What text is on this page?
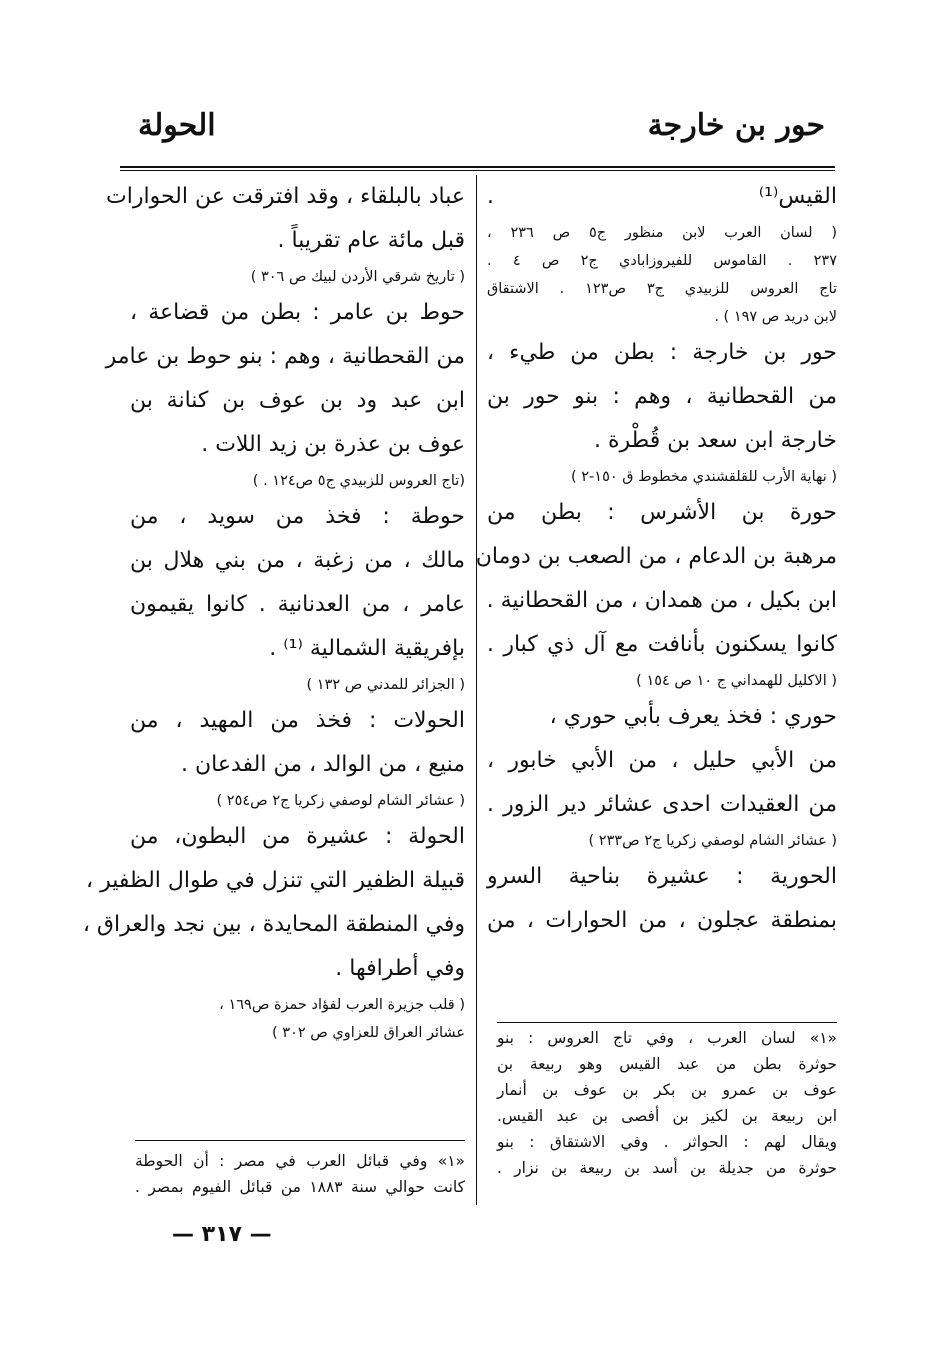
حور بن خارجة
الحولة

القيس⁽¹⁾ .

( لسان العرب لابن منظور ج٥ ص ٢٣٦ ،

٢٣٧ . القاموس للفيروزابادي ج٢ ص ٤ .

تاج العروس للزبيدي ج٣ ص١٢٣ . الاشتقاق

لابن دريد ص ١٩٧ ) .

حور بن خارجة : بطن من طيء ،

من القحطانية ، وهم : بنو حور بن

خارجة ابن سعد بن قُطْرة .

( نهاية الأرب للقلقشندي مخطوط ق ١٥٠-٢ )

حورة بن الأشرس : بطن من

مرهبة بن الدعام ، من الصعب بن دومان

ابن بكيل ، من همدان ، من القحطانية .

كانوا يسكنون بأنافت مع آل ذي كبار .

( الاكليل للهمداني ج ١٠ ص ١٥٤ )

حوري : فخذ يعرف بأبي حوري ،

من الأبي حليل ، من الأبي خابور ،

من العقيدات احدى عشائر دير الزور .

( عشائر الشام لوصفي زكريا ج٢ ص٢٣٣ )

الحورية : عشيرة بناحية السرو

بمنطقة عجلون ، من الحوارات ، من

عباد بالبلقاء ، وقد افترقت عن الحوارات

قبل مائة عام تقريباً .

( تاريخ شرقي الأردن لبيك ص ٣٠٦ )

حوط بن عامر : بطن من قضاعة ،

من القحطانية ، وهم : بنو حوط بن عامر

ابن عبد ود بن عوف بن كنانة بن

عوف بن عذرة بن زيد اللات .

(تاج العروس للزبيدي ج٥ ص١٢٤ . )

حوطة : فخذ من سويد ، من

مالك ، من زغبة ، من بني هلال بن

عامر ، من العدنانية . كانوا يقيمون

بإفريقية الشمالية ⁽¹⁾ .

( الجزائر للمدني ص ١٣٢ )

الحولات : فخذ من المهيد ، من

منيع ، من الوالد ، من الفدعان .

( عشائر الشام لوصفي زكريا ج٢ ص٢٥٤ )

الحولة : عشيرة من البطون، من

قبيلة الظفير التي تنزل في طوال الظفير ،

وفي المنطقة المحايدة ، بين نجد والعراق ،

وفي أطرافها .

( قلب جزيرة العرب لفؤاد حمزة ص١٦٩ ،

عشائر العراق للعزاوي ص ٣٠٢ ) «١» لسان العرب ، وفي تاج العروس : بنو

حوثرة بطن من عبد القيس وهو ربيعة بن

عوف بن عمرو بن بكر بن عوف بن أنمار

ابن ربيعة بن لكيز بن أفصى بن عبد القيس.

ويقال لهم : الحواثر . وفي الاشتقاق : بنو

حوثرة من جديلة بن أسد بن ربيعة بن نزار .

«١» وفي قبائل العرب في مصر : أن الحوطة

كانت حوالي سنة ١٨٨٣ من قبائل الفيوم بمصر .

— ٣١٧ —
